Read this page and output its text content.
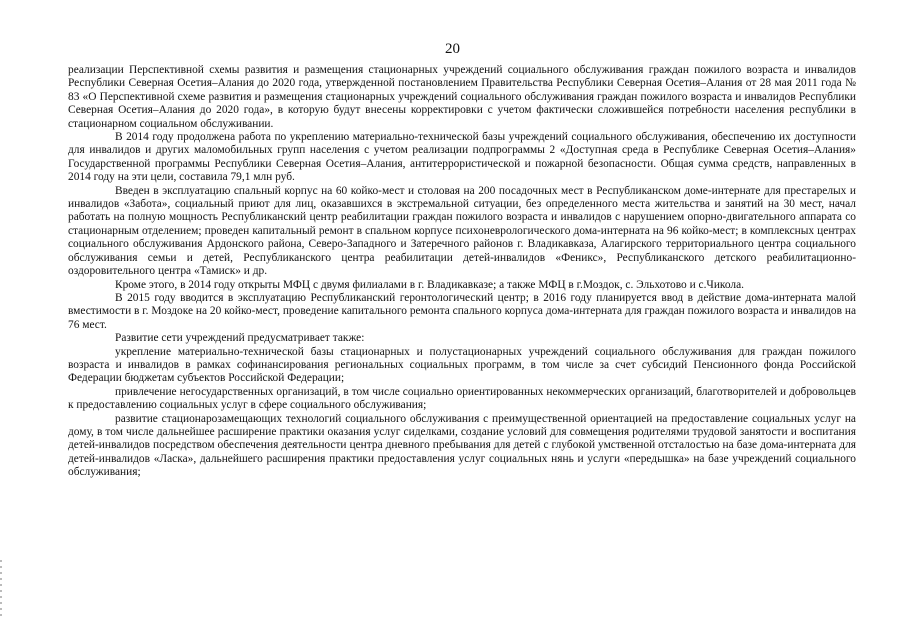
20

реализации Перспективной схемы развития и размещения стационарных учреждений социального обслуживания граждан пожилого возраста и инвалидов Республики Северная Осетия–Алания до 2020 года, утвержденной постановлением Правительства Республики Северная Осетия–Алания от 28 мая 2011 года № 83 «О Перспективной схеме развития и размещения стационарных учреждений социального обслуживания граждан пожилого возраста и инвалидов Республики Северная Осетия–Алания до 2020 года», в которую будут внесены корректировки с учетом фактически сложившейся потребности населения республики в стационарном социальном обслуживании.

В 2014 году продолжена работа по укреплению материально-технической базы учреждений социального обслуживания, обеспечению их доступности для инвалидов и других маломобильных групп населения с учетом реализации подпрограммы 2 «Доступная среда в Республике Северная Осетия–Алания» Государственной программы Республики Северная Осетия–Алания, антитеррористической и пожарной безопасности. Общая сумма средств, направленных в 2014 году на эти цели, составила 79,1 млн руб.

Введен в эксплуатацию спальный корпус на 60 койко-мест и столовая на 200 посадочных мест в Республиканском доме-интернате для престарелых и инвалидов «Забота», социальный приют для лиц, оказавшихся в экстремальной ситуации, без определенного места жительства и занятий на 30 мест, начал работать на полную мощность Республиканский центр реабилитации граждан пожилого возраста и инвалидов с нарушением опорно-двигательного аппарата со стационарным отделением; проведен капитальный ремонт в спальном корпусе психоневрологического дома-интерната на 96 койко-мест; в комплексных центрах социального обслуживания Ардонского района, Северо-Западного и Затеречного районов г. Владикавказа, Алагирского территориального центра социального обслуживания семьи и детей, Республиканского центра реабилитации детей-инвалидов «Феникс», Республиканского детского реабилитационно-оздоровительного центра «Тамиск» и др.

Кроме этого, в 2014 году открыты МФЦ с двумя филиалами в г. Владикавказе; а также МФЦ в г.Моздок, с. Эльхотово и с.Чикола.

В 2015 году вводится в эксплуатацию Республиканский геронтологический центр; в 2016 году планируется ввод в действие дома-интерната малой вместимости в г. Моздоке на 20 койко-мест, проведение капитального ремонта спального корпуса дома-интерната для граждан пожилого возраста и инвалидов на 76 мест.

Развитие сети учреждений предусматривает также:

укрепление материально-технической базы стационарных и полустационарных учреждений социального обслуживания для граждан пожилого возраста и инвалидов в рамках софинансирования региональных социальных программ, в том числе за счет субсидий Пенсионного фонда Российской Федерации бюджетам субъектов Российской Федерации;

привлечение негосударственных организаций, в том числе социально ориентированных некоммерческих организаций, благотворителей и добровольцев к предоставлению социальных услуг в сфере социального обслуживания;

развитие стационарозамещающих технологий социального обслуживания с преимущественной ориентацией на предоставление социальных услуг на дому, в том числе дальнейшее расширение практики оказания услуг сиделками, создание условий для совмещения родителями трудовой занятости и воспитания детей-инвалидов посредством обеспечения деятельности центра дневного пребывания для детей с глубокой умственной отсталостью на базе дома-интерната для детей-инвалидов «Ласка», дальнейшего расширения практики предоставления услуг социальных нянь и услуги «передышка» на базе учреждений социального обслуживания;
